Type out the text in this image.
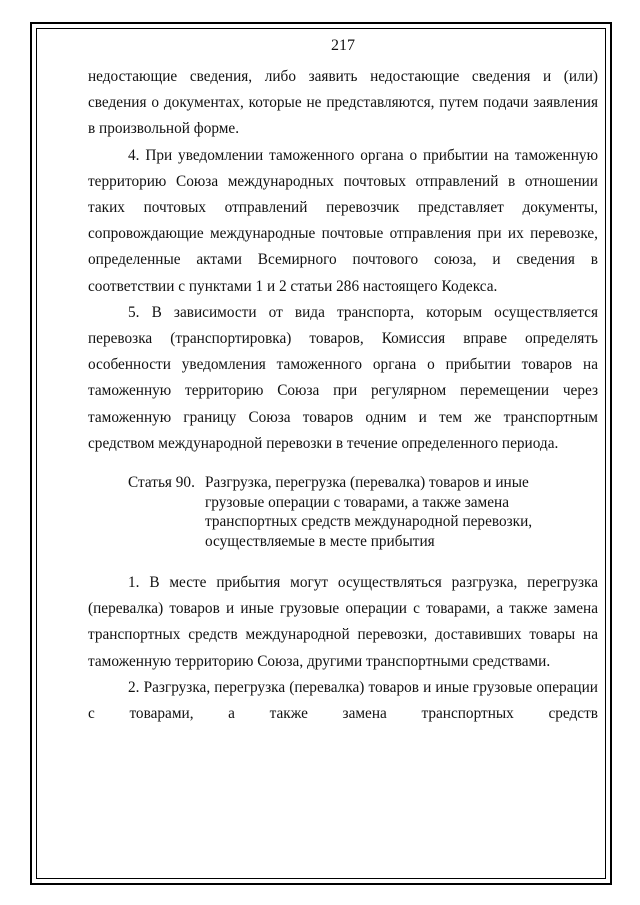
217

недостающие сведения, либо заявить недостающие сведения и (или) сведения о документах, которые не представляются, путем подачи заявления в произвольной форме.

4. При уведомлении таможенного органа о прибытии на таможенную территорию Союза международных почтовых отправлений в отношении таких почтовых отправлений перевозчик представляет документы, сопровождающие международные почтовые отправления при их перевозке, определенные актами Всемирного почтового союза, и сведения в соответствии с пунктами 1 и 2 статьи 286 настоящего Кодекса.

5. В зависимости от вида транспорта, которым осуществляется перевозка (транспортировка) товаров, Комиссия вправе определять особенности уведомления таможенного органа о прибытии товаров на таможенную территорию Союза при регулярном перемещении через таможенную границу Союза товаров одним и тем же транспортным средством международной перевозки в течение определенного периода.

Статья 90. Разгрузка, перегрузка (перевалка) товаров и иные грузовые операции с товарами, а также замена транспортных средств международной перевозки, осуществляемые в месте прибытия

1. В месте прибытия могут осуществляться разгрузка, перегрузка (перевалка) товаров и иные грузовые операции с товарами, а также замена транспортных средств международной перевозки, доставивших товары на таможенную территорию Союза, другими транспортными средствами.

2. Разгрузка, перегрузка (перевалка) товаров и иные грузовые операции с товарами, а также замена транспортных средств
